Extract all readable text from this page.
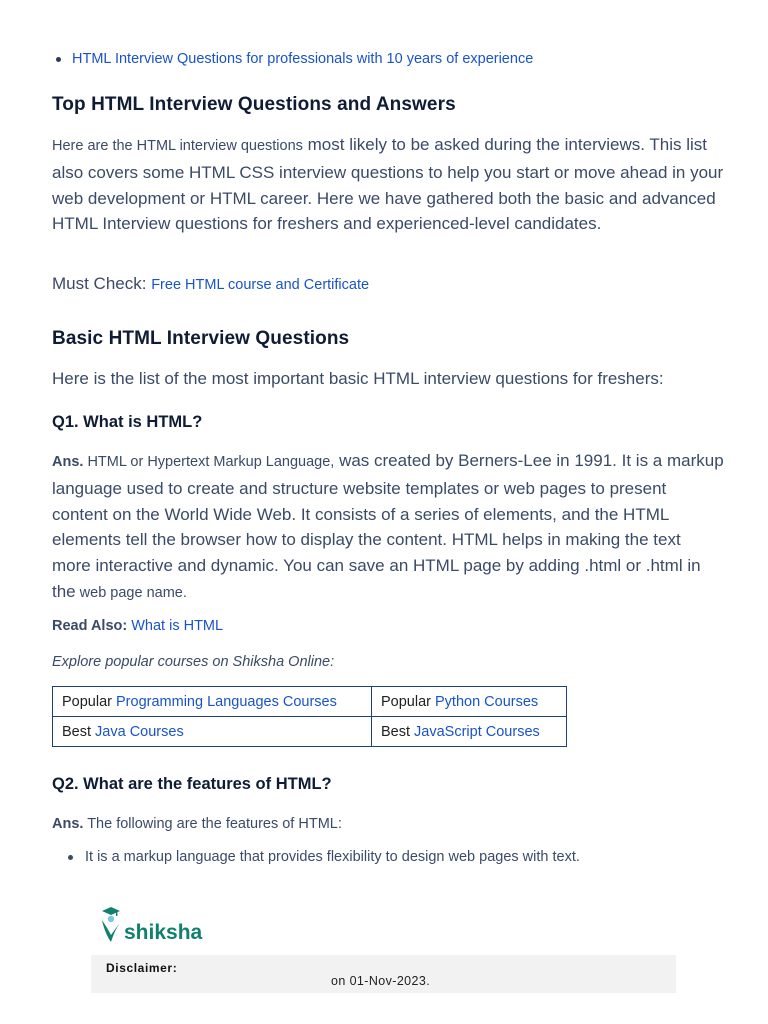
HTML Interview Questions for professionals with 10 years of experience
Top HTML Interview Questions and Answers

Here are the HTML interview questions most likely to be asked during the interviews. This list also covers some HTML CSS interview questions to help you start or move ahead in your web development or HTML career. Here we have gathered both the basic and advanced HTML Interview questions for freshers and experienced-level candidates.

Must Check: Free HTML course and Certificate

Basic HTML Interview Questions

Here is the list of the most important basic HTML interview questions for freshers:

Q1. What is HTML?

Ans. HTML or Hypertext Markup Language, was created by Berners-Lee in 1991. It is a markup language used to create and structure website templates or web pages to present content on the World Wide Web. It consists of a series of elements, and the HTML elements tell the browser how to display the content. HTML helps in making the text more interactive and dynamic. You can save an HTML page by adding .html or .html in the web page name.

Read Also: What is HTML

Explore popular courses on Shiksha Online:
Popular Programming Languages Courses	Popular Python Courses
Best Java Courses	Best JavaScript Courses
Q2. What are the features of HTML?

Ans. The following are the features of HTML:

It is a markup language that provides flexibility to design web pages with text.
shiksha
Disclaimer:
on 01-Nov-2023.
